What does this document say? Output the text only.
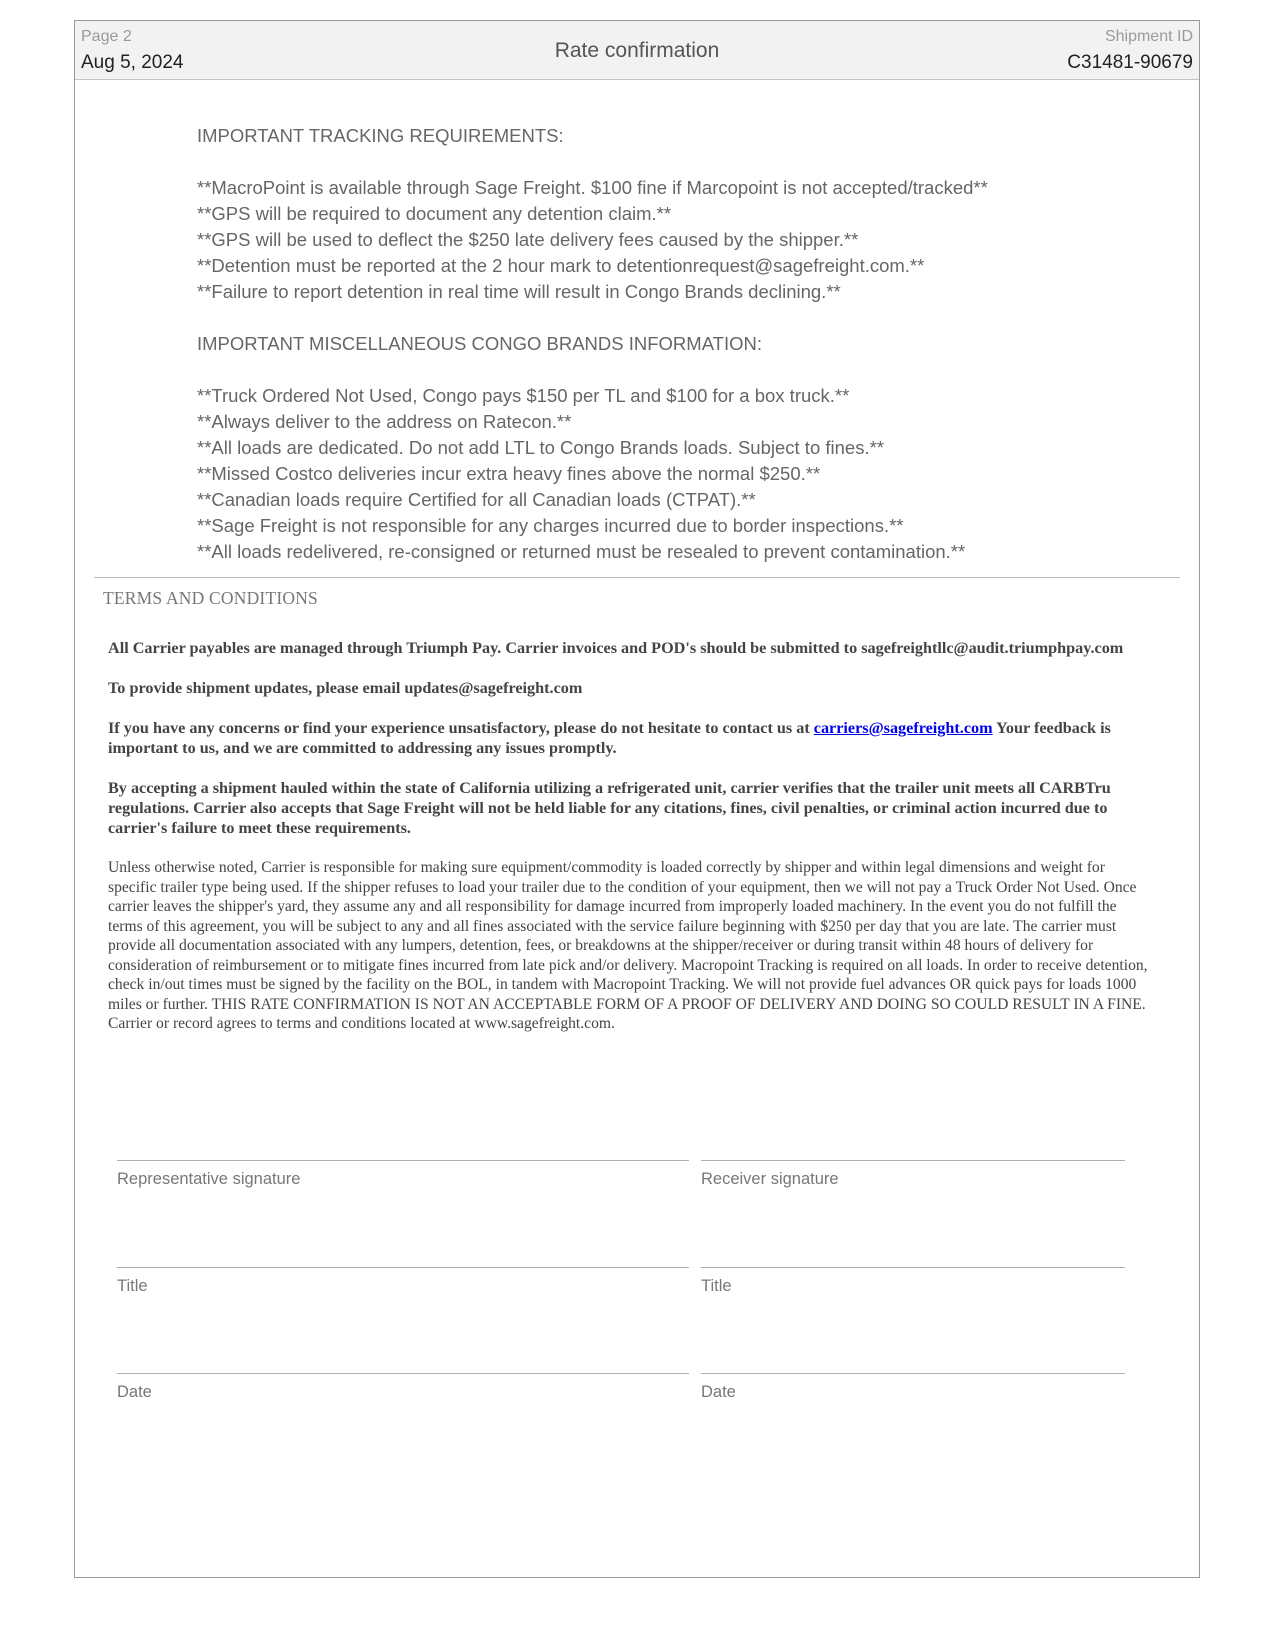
Page 2
Aug 5, 2024
Rate confirmation
Shipment ID
C31481-90679

IMPORTANT TRACKING REQUIREMENTS:

**MacroPoint is available through Sage Freight. $100 fine if Marcopoint is not accepted/tracked**

**GPS will be required to document any detention claim.**

**GPS will be used to deflect the $250 late delivery fees caused by the shipper.**

**Detention must be reported at the 2 hour mark to detentionrequest@sagefreight.com.**

**Failure to report detention in real time will result in Congo Brands declining.**

IMPORTANT MISCELLANEOUS CONGO BRANDS INFORMATION:

**Truck Ordered Not Used, Congo pays $150 per TL and $100 for a box truck.**

**Always deliver to the address on Ratecon.**

**All loads are dedicated. Do not add LTL to Congo Brands loads. Subject to fines.**

**Missed Costco deliveries incur extra heavy fines above the normal $250.**

**Canadian loads require Certified for all Canadian loads (CTPAT).**

**Sage Freight is not responsible for any charges incurred due to border inspections.**

**All loads redelivered, re-consigned or returned must be resealed to prevent contamination.**

TERMS AND CONDITIONS

All Carrier payables are managed through Triumph Pay. Carrier invoices and POD's should be submitted to sagefreightllc@audit.triumphpay.com

To provide shipment updates, please email updates@sagefreight.com

If you have any concerns or find your experience unsatisfactory, please do not hesitate to contact us at carriers@sagefreight.com Your feedback is important to us, and we are committed to addressing any issues promptly.

By accepting a shipment hauled within the state of California utilizing a refrigerated unit, carrier verifies that the trailer unit meets all CARBTru regulations. Carrier also accepts that Sage Freight will not be held liable for any citations, fines, civil penalties, or criminal action incurred due to carrier's failure to meet these requirements.

Unless otherwise noted, Carrier is responsible for making sure equipment/commodity is loaded correctly by shipper and within legal dimensions and weight for specific trailer type being used. If the shipper refuses to load your trailer due to the condition of your equipment, then we will not pay a Truck Order Not Used. Once carrier leaves the shipper's yard, they assume any and all responsibility for damage incurred from improperly loaded machinery. In the event you do not fulfill the terms of this agreement, you will be subject to any and all fines associated with the service failure beginning with $250 per day that you are late. The carrier must provide all documentation associated with any lumpers, detention, fees, or breakdowns at the shipper/receiver or during transit within 48 hours of delivery for consideration of reimbursement or to mitigate fines incurred from late pick and/or delivery. Macropoint Tracking is required on all loads. In order to receive detention, check in/out times must be signed by the facility on the BOL, in tandem with Macropoint Tracking. We will not provide fuel advances OR quick pays for loads 1000 miles or further. THIS RATE CONFIRMATION IS NOT AN ACCEPTABLE FORM OF A PROOF OF DELIVERY AND DOING SO COULD RESULT IN A FINE. Carrier or record agrees to terms and conditions located at www.sagefreight.com.

Representative signature	Receiver signature
Title	Title
Date	Date
